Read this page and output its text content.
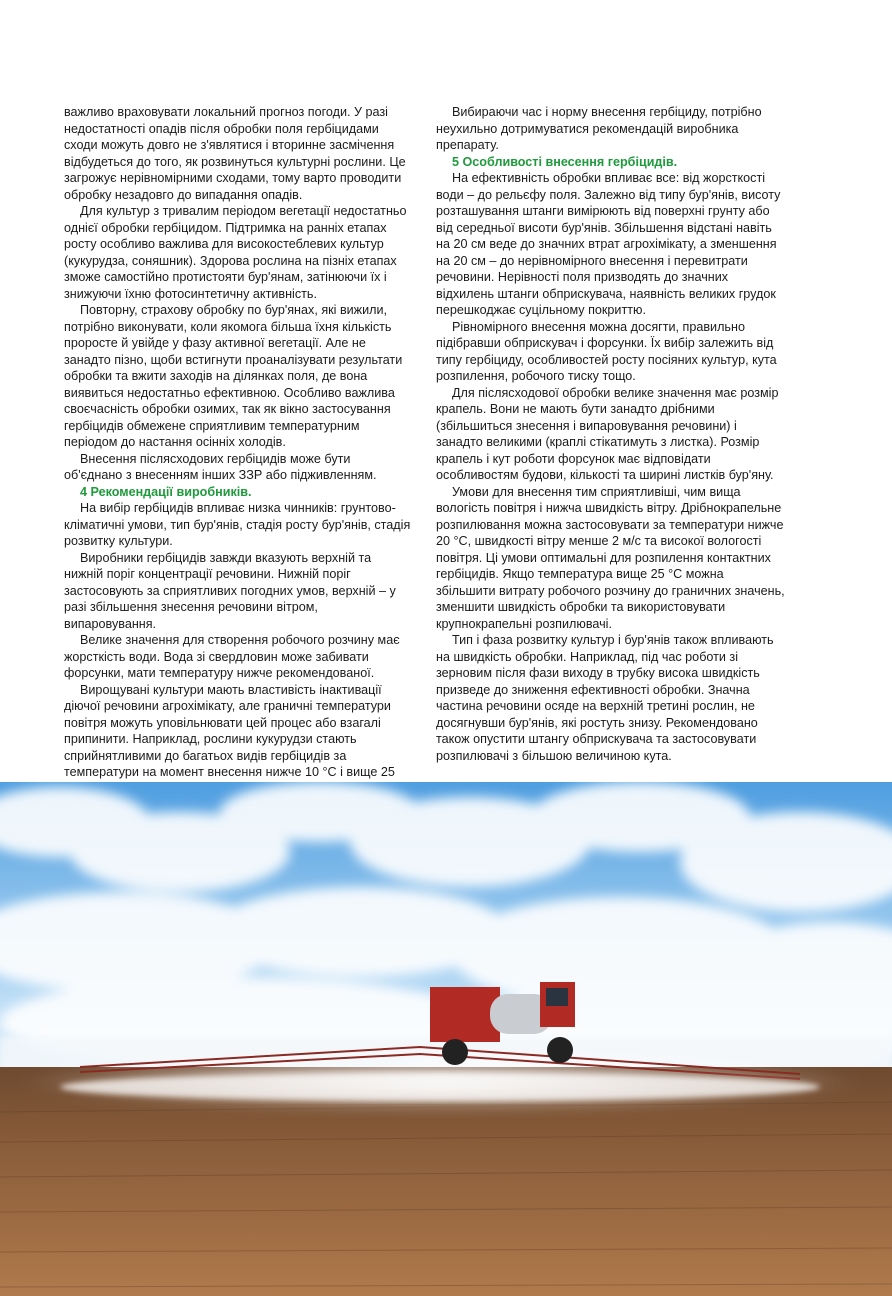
важливо враховувати локальний прогноз погоди. У разі недостатності опадів після обробки поля гербіцидами сходи можуть довго не з'являтися і вторинне засмічення відбудеться до того, як розвинуться культурні рослини. Це загрожує нерівномірними сходами, тому варто проводити обробку незадовго до випадання опадів.

Для культур з тривалим періодом вегетації недостатньо однієї обробки гербіцидом. Підтримка на ранніх етапах росту особливо важлива для високостеблевих культур (кукурудза, соняшник). Здорова рослина на пізніх етапах зможе самостійно протистояти бур'янам, затінюючи їх і знижуючи їхню фотосинтетичну активність.

Повторну, страхову обробку по бур'янах, які вижили, потрібно виконувати, коли якомога більша їхня кількість проросте й увійде у фазу активної вегетації. Але не занадто пізно, щоби встигнути проаналізувати результати обробки та вжити заходів на ділянках поля, де вона виявиться недостатньо ефективною. Особливо важлива своєчасність обробки озимих, так як вікно застосування гербіцидів обмежене сприятливим температурним періодом до настання осінніх холодів.

Внесення післясходових гербіцидів може бути об'єднано з внесенням інших ЗЗР або підживленням.

4 Рекомендації виробників.

На вибір гербіцидів впливає низка чинників: грунтово-кліматичні умови, тип бур'янів, стадія росту бур'янів, стадія розвитку культури.

Виробники гербіцидів завжди вказують верхній та нижній поріг концентрації речовини. Нижній поріг застосовують за сприятливих погодних умов, верхній – у разі збільшення знесення речовини вітром, випаровування.

Велике значення для створення робочого розчину має жорсткість води. Вода зі свердловин може забивати форсунки, мати температуру нижче рекомендованої.

Вирощувані культури мають властивість інактивації діючої речовини агрохімікату, але граничні температури повітря можуть уповільнювати цей процес або взагалі припинити. Наприклад, рослини кукурудзи стають сприйнятливими до багатьох видів гербіцидів за температури на момент внесення нижче 10 °С і вище 25

Вибираючи час і норму внесення гербіциду, потрібно неухильно дотримуватися рекомендацій виробника препарату.

5 Особливості внесення гербіцидів.

На ефективність обробки впливає все: від жорсткості води – до рельєфу поля. Залежно від типу бур'янів, висоту розташування штанги вимірюють від поверхні грунту або від середньої висоти бур'янів. Збільшення відстані навіть на 20 см веде до значних втрат агрохімікату, а зменшення на 20 см – до нерівномірного внесення і перевитрати речовини. Нерівності поля призводять до значних відхилень штанги обприскувача, наявність великих грудок перешкоджає суцільному покриттю.

Рівномірного внесення можна досягти, правильно підібравши обприскувач і форсунки. Їх вибір залежить від типу гербіциду, особливостей росту посіяних культур, кута розпилення, робочого тиску тощо.

Для післясходової обробки велике значення має розмір крапель. Вони не мають бути занадто дрібними (збільшиться знесення і випаровування речовини) і занадто великими (краплі стікатимуть з листка). Розмір крапель і кут роботи форсунок має відповідати особливостям будови, кількості та ширині листків бур'яну.

Умови для внесення тим сприятливіші, чим вища вологість повітря і нижча швидкість вітру. Дрібнокрапельне розпилювання можна застосовувати за температури нижче 20 °С, швидкості вітру менше 2 м/с та високої вологості повітря. Ці умови оптимальні для розпилення контактних гербіцидів. Якщо температура вище 25 °С можна збільшити витрату робочого розчину до граничних значень, зменшити швидкість обробки та використовувати крупнокрапельні розпилювачі.

Тип і фаза розвитку культур і бур'янів також впливають на швидкість обробки. Наприклад, під час роботи зі зерновим після фази виходу в трубку висока швидкість призведе до зниження ефективності обробки. Значна частина речовини осяде на верхній третині рослин, не досягнувши бур'янів, які ростуть знизу. Рекомендовано також опустити штангу обприскувача та застосовувати розпилювачі з більшою величиною кута.
